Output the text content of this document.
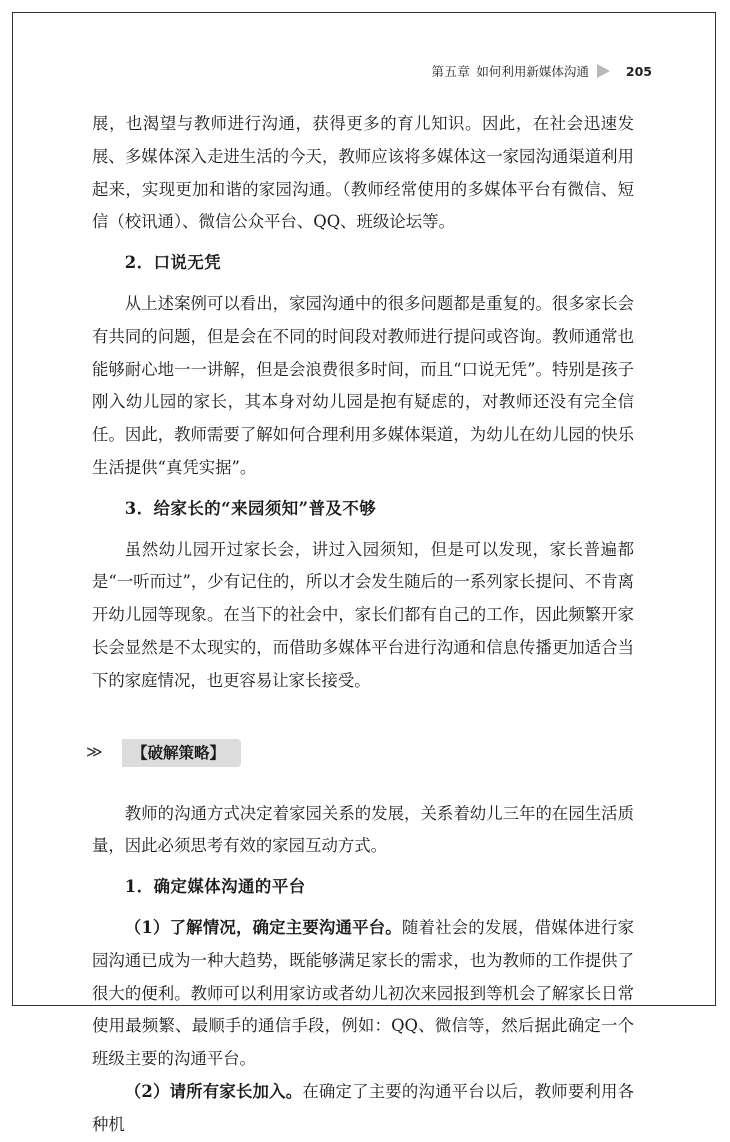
第五章 如何利用新媒体沟通	205

展，也渴望与教师进行沟通，获得更多的育儿知识。因此，在社会迅速发展、多媒体深入走进生活的今天，教师应该将多媒体这一家园沟通渠道利用起来，实现更加和谐的家园沟通。（教师经常使用的多媒体平台有微信、短信（校讯通）、微信公众平台、QQ、班级论坛等。

2．口说无凭

从上述案例可以看出，家园沟通中的很多问题都是重复的。很多家长会有共同的问题，但是会在不同的时间段对教师进行提问或咨询。教师通常也能够耐心地一一讲解，但是会浪费很多时间，而且“口说无凭”。特别是孩子刚入幼儿园的家长，其本身对幼儿园是抱有疑虑的，对教师还没有完全信任。因此，教师需要了解如何合理利用多媒体渠道，为幼儿在幼儿园的快乐生活提供“真凭实据”。

3．给家长的“来园须知”普及不够

虽然幼儿园开过家长会，讲过入园须知，但是可以发现，家长普遍都是“一听而过”，少有记住的，所以才会发生随后的一系列家长提问、不肯离开幼儿园等现象。在当下的社会中，家长们都有自己的工作，因此频繁开家长会显然是不太现实的，而借助多媒体平台进行沟通和信息传播更加适合当下的家庭情况，也更容易让家长接受。

≫	【破解策略】

教师的沟通方式决定着家园关系的发展，关系着幼儿三年的在园生活质量，因此必须思考有效的家园互动方式。

1．确定媒体沟通的平台

（1）了解情况，确定主要沟通平台。随着社会的发展，借媒体进行家园沟通已成为一种大趋势，既能够满足家长的需求，也为教师的工作提供了很大的便利。教师可以利用家访或者幼儿初次来园报到等机会了解家长日常使用最频繁、最顺手的通信手段，例如：QQ、微信等，然后据此确定一个班级主要的沟通平台。

（2）请所有家长加入。在确定了主要的沟通平台以后，教师要利用各种机
